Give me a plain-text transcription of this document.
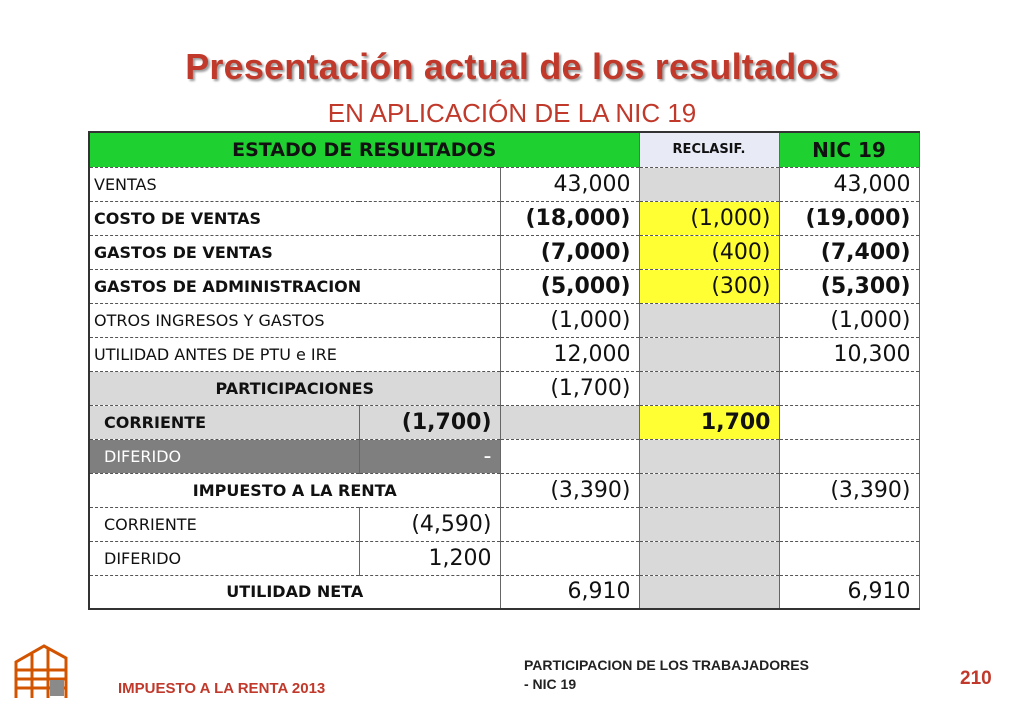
Presentación actual de los resultados
EN APLICACIÓN DE LA NIC 19
ESTADO DE RESULTADOS			RECLASIF.	NIC 19
VENTAS		43,000		43,000
COSTO DE VENTAS		(18,000)	(1,000)	(19,000)
GASTOS DE VENTAS		(7,000)	(400)	(7,400)
GASTOS DE ADMINISTRACION		(5,000)	(300)	(5,300)
OTROS INGRESOS Y GASTOS		(1,000)		(1,000)
UTILIDAD ANTES DE PTU e IRE		12,000		10,300
PARTICIPACIONES		(1,700)		
CORRIENTE	(1,700)		1,700	
DIFERIDO	-			
IMPUESTO A LA RENTA		(3,390)		(3,390)
CORRIENTE	(4,590)			
DIFERIDO	1,200			
UTILIDAD NETA		6,910		6,910
IMPUESTO A LA RENTA 2013
PARTICIPACION DE LOS TRABAJADORES
- NIC 19	210
